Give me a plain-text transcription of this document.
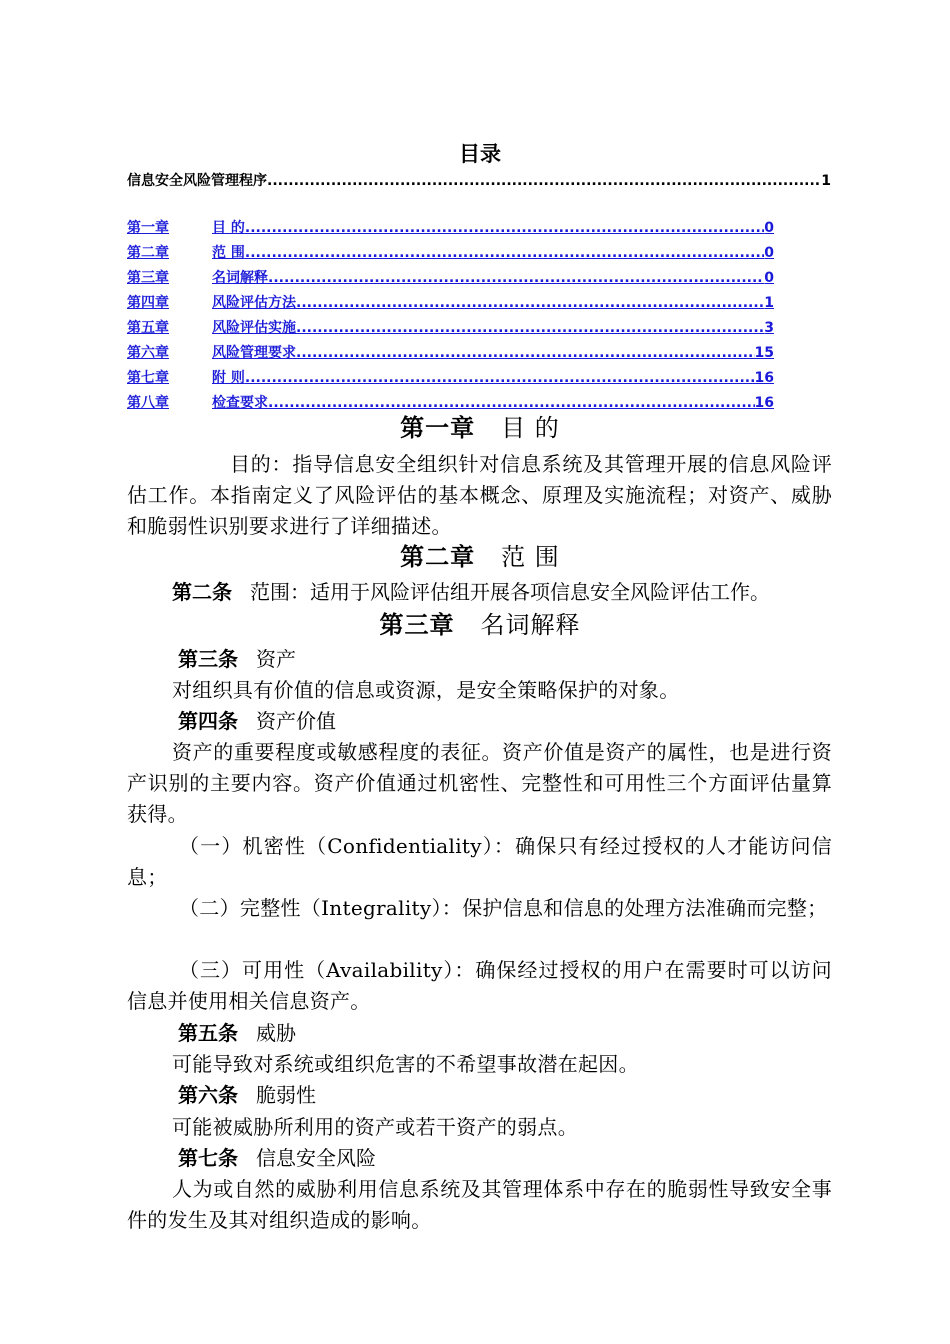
目录
信息安全风险管理程序 .....	1
第一章	目 的 .....	0
第二章	范 围 .....	0
第三章	名词解释 .....	0
第四章	风险评估方法 .....	1
第五章	风险评估实施 .....	3
第六章	风险管理要求 .....	15
第七章	附 则 .....	16
第八章	检查要求 .....	16
第一章 目 的
目的：指导信息安全组织针对信息系统及其管理开展的信息风险评估工作。本指南定义了风险评估的基本概念、原理及实施流程；对资产、威胁和脆弱性识别要求进行了详细描述。
第二章 范 围
第二条 范围：适用于风险评估组开展各项信息安全风险评估工作。
第三章 名词解释
第三条 资产
对组织具有价值的信息或资源，是安全策略保护的对象。
第四条 资产价值
资产的重要程度或敏感程度的表征。资产价值是资产的属性，也是进行资产识别的主要内容。资产价值通过机密性、完整性和可用性三个方面评估量算获得。
（一）机密性（Confidentiality）：确保只有经过授权的人才能访问信息；
（二）完整性（Integrality）：保护信息和信息的处理方法准确而完整；
（三）可用性（Availability）：确保经过授权的用户在需要时可以访问信息并使用相关信息资产。
第五条 威胁
可能导致对系统或组织危害的不希望事故潜在起因。
第六条 脆弱性
可能被威胁所利用的资产或若干资产的弱点。
第七条 信息安全风险
人为或自然的威胁利用信息系统及其管理体系中存在的脆弱性导致安全事件的发生及其对组织造成的影响。
